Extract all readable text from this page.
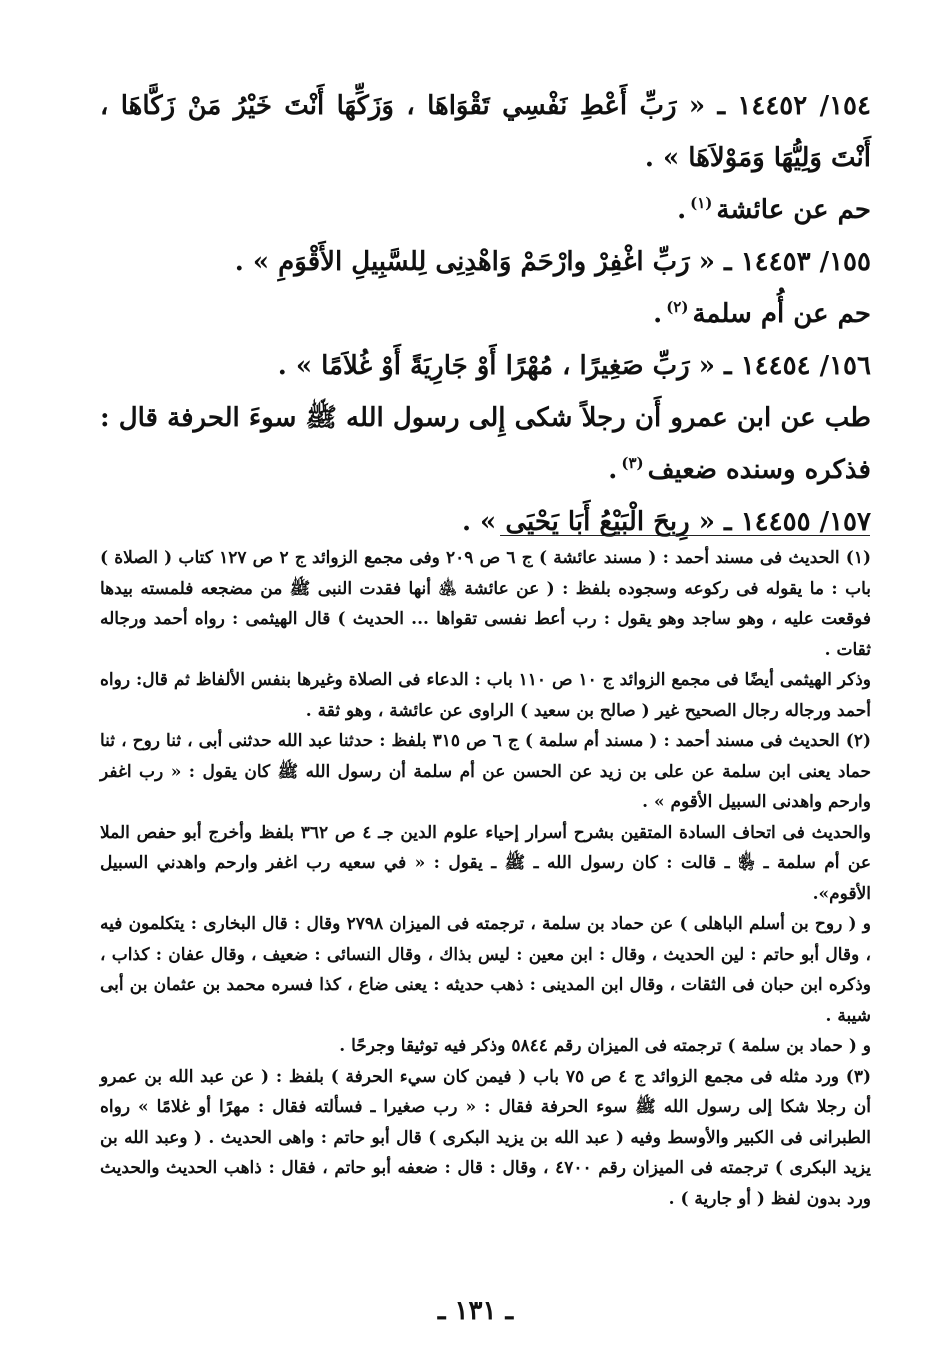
١٥٤/ ١٤٤٥٢ ـ « رَبِّ أَعْطِ نَفْسِي تَقْوَاهَا ، وَزَكِّهَا أَنْتَ خَيْرُ مَنْ زَكَّاهَا ، أَنْتَ وَلِيُّهَا وَمَوْلاَهَا » .

حم عن عائشة$^{(١)}$.

١٥٥/ ١٤٤٥٣ ـ « رَبِّ اغْفِرْ وارْحَمْ وَاهْدِنِى لِلسَّبِيلِ الأَقْوَمِ » .

حم عن أُم سلمة$^{(٢)}$.

١٥٦/ ١٤٤٥٤ ـ « رَبِّ صَغِيرًا ، مُهْرًا أَوْ جَارِيَةً أَوْ غُلاَمًا » .

طب عن ابن عمرو أَن رجلاً شكى إِلى رسول الله ﷺ سوءَ الحرفة قال : فذكره وسنده ضعيف$^{(٣)}$.

١٥٧/ ١٤٤٥٥ ـ « رِبحَ الْبَيْعُ أَبَا يَحْيَى » .

(١) الحديث فى مسند أحمد : ( مسند عائشة ) ج ٦ ص ٢٠٩ وفى مجمع الزوائد ج ٢ ص ١٢٧ كتاب ( الصلاة ) باب : ما يقوله فى ركوعه وسجوده بلفظ : ( عن عائشة ﵁ أنها فقدت النبى ﷺ من مضجعه فلمسته بيدها فوقعت عليه ، وهو ساجد وهو يقول : رب أعط نفسى تقواها ... الحديث ) قال الهيثمى : رواه أحمد ورجاله ثقات .

وذكر الهيثمى أيضًا فى مجمع الزوائد ج ١٠ ص ١١٠ باب : الدعاء فى الصلاة وغيرها بنفس الألفاظ ثم قال: رواه أحمد ورجاله رجال الصحيح غير ( صالح بن سعيد ) الراوى عن عائشة ، وهو ثقة .

(٢) الحديث فى مسند أحمد : ( مسند أم سلمة ) ج ٦ ص ٣١٥ بلفظ : حدثنا عبد الله حدثنى أبى ، ثنا روح ، ثنا حماد يعنى ابن سلمة عن على بن زيد عن الحسن عن أم سلمة أن رسول الله ﷺ كان يقول : « رب اغفر وارحم واهدنى السبيل الأقوم » .

والحديث فى اتحاف السادة المتقين بشرح أسرار إحياء علوم الدين جـ ٤ ص ٣٦٢ بلفظ وأخرج أبو حفص الملا عن أم سلمة ـ ﵂ ـ قالت : كان رسول الله ـ ﷺ ـ يقول : « في سعيه رب اغفر وارحم واهدني السبيل الأقوم».

و ( روح بن أسلم الباهلى ) عن حماد بن سلمة ، ترجمته فى الميزان ٢٧٩٨ وقال : قال البخارى : يتكلمون فيه ، وقال أبو حاتم : لين الحديث ، وقال : ابن معين : ليس بذاك ، وقال النسائى : ضعيف ، وقال عفان : كذاب ، وذكره ابن حبان فى الثقات ، وقال ابن المدينى : ذهب حديثه : يعنى ضاع ، كذا فسره محمد بن عثمان بن أبى شيبة .

و ( حماد بن سلمة ) ترجمته فى الميزان رقم ٥٨٤٤ وذكر فيه توثيقا وجرحًا .

(٣) ورد مثله فى مجمع الزوائد ج ٤ ص ٧٥ باب ( فيمن كان سيء الحرفة ) بلفظ : ( عن عبد الله بن عمرو أن رجلا شكا إلى رسول الله ﷺ سوء الحرفة فقال : « رب صغيرا ـ فسألته فقال : مهرًا أو غلامًا » رواه الطبرانى فى الكبير والأوسط وفيه ( عبد الله بن يزيد البكرى ) قال أبو حاتم : واهى الحديث . ( وعبد الله بن يزيد البكرى ) ترجمته فى الميزان رقم ٤٧٠٠ ، وقال : قال : ضعفه أبو حاتم ، فقال : ذاهب الحديث والحديث ورد بدون لفظ ( أو جارية ) .

ـ ١٣١ ـ
